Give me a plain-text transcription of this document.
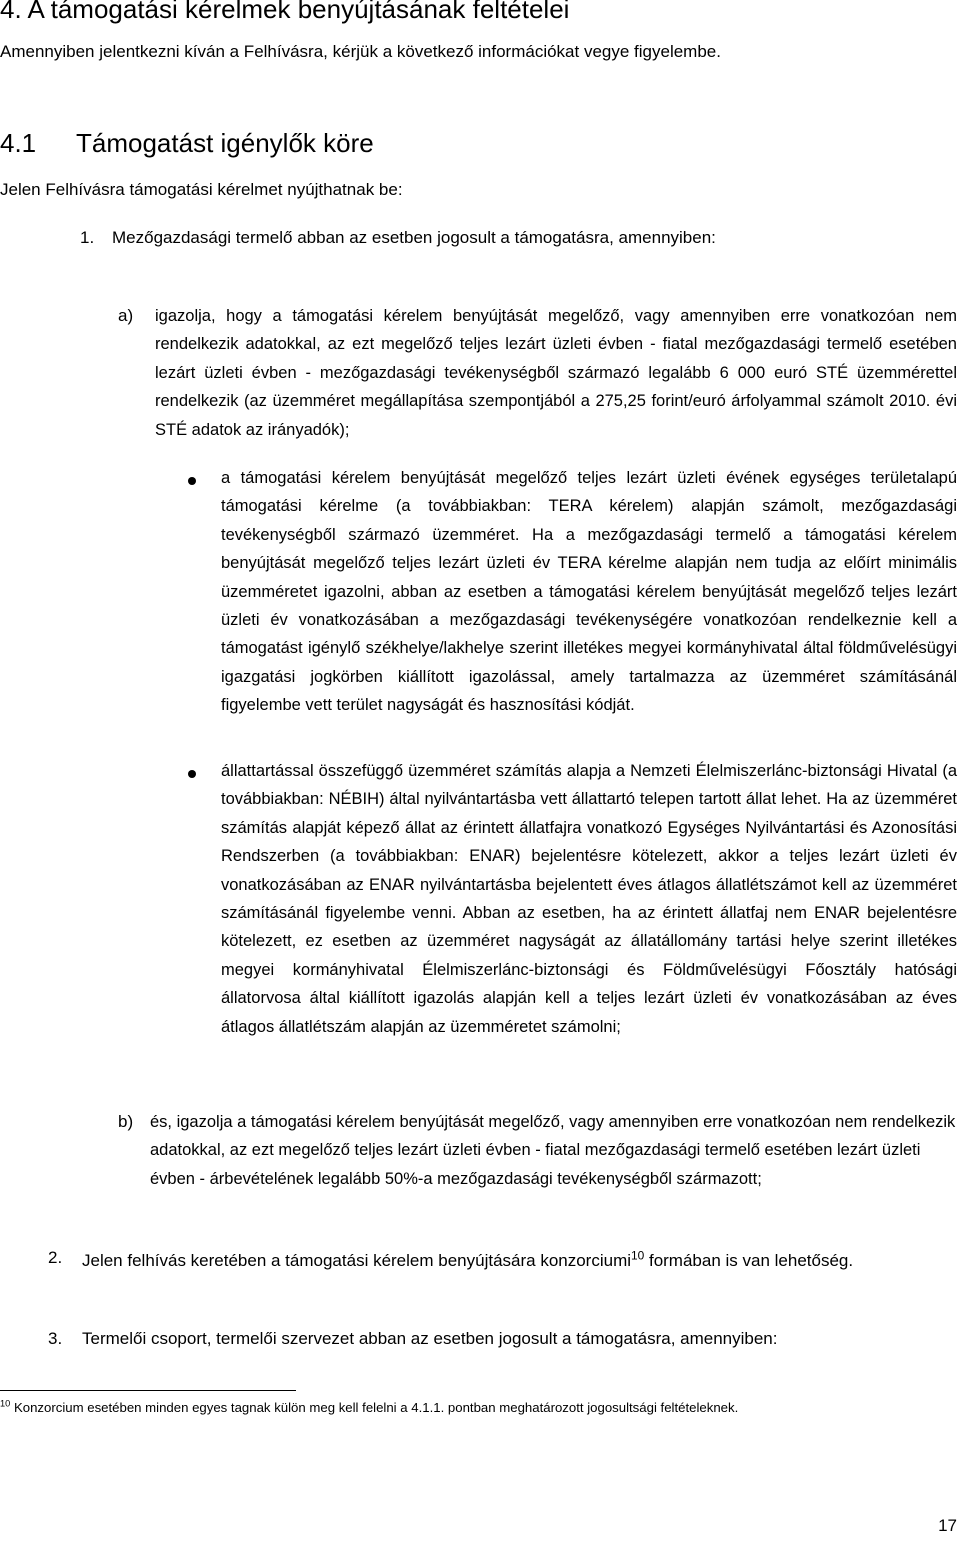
4. A támogatási kérelmek benyújtásának feltételei
Amennyiben jelentkezni kíván a Felhívásra, kérjük a következő információkat vegye figyelembe.
4.1 Támogatást igénylők köre
Jelen Felhívásra támogatási kérelmet nyújthatnak be:
1. Mezőgazdasági termelő abban az esetben jogosult a támogatásra, amennyiben:
a) igazolja, hogy a támogatási kérelem benyújtását megelőző, vagy amennyiben erre vonatkozóan nem rendelkezik adatokkal, az ezt megelőző teljes lezárt üzleti évben - fiatal mezőgazdasági termelő esetében lezárt üzleti évben - mezőgazdasági tevékenységből származó legalább 6 000 euró STÉ üzemmérettel rendelkezik (az üzemméret megállapítása szempontjából a 275,25 forint/euró árfolyammal számolt 2010. évi STÉ adatok az irányadók);
a támogatási kérelem benyújtását megelőző teljes lezárt üzleti évének egységes területalapú támogatási kérelme (a továbbiakban: TERA kérelem) alapján számolt, mezőgazdasági tevékenységből származó üzemméret. Ha a mezőgazdasági termelő a támogatási kérelem benyújtását megelőző teljes lezárt üzleti év TERA kérelme alapján nem tudja az előírt minimális üzemméretet igazolni, abban az esetben a támogatási kérelem benyújtását megelőző teljes lezárt üzleti év vonatkozásában a mezőgazdasági tevékenységére vonatkozóan rendelkeznie kell a támogatást igénylő székhelye/lakhelye szerint illetékes megyei kormányhivatal által földművelésügyi igazgatási jogkörben kiállított igazolással, amely tartalmazza az üzemméret számításánál figyelembe vett terület nagyságát és hasznosítási kódját.
állattartással összefüggő üzemméret számítás alapja a Nemzeti Élelmiszerlánc-biztonsági Hivatal (a továbbiakban: NÉBIH) által nyilvántartásba vett állattartó telepen tartott állat lehet. Ha az üzemméret számítás alapját képező állat az érintett állatfajra vonatkozó Egységes Nyilvántartási és Azonosítási Rendszerben (a továbbiakban: ENAR) bejelentésre kötelezett, akkor a teljes lezárt üzleti év vonatkozásában az ENAR nyilvántartásba bejelentett éves átlagos állatlétszámot kell az üzemméret számításánál figyelembe venni. Abban az esetben, ha az érintett állatfaj nem ENAR bejelentésre kötelezett, ez esetben az üzemméret nagyságát az állatállomány tartási helye szerint illetékes megyei kormányhivatal Élelmiszerlánc-biztonsági és Földművelésügyi Főosztály hatósági állatorvosa által kiállított igazolás alapján kell a teljes lezárt üzleti év vonatkozásában az éves átlagos állatlétszám alapján az üzemméretet számolni;
b) és, igazolja a támogatási kérelem benyújtását megelőző, vagy amennyiben erre vonatkozóan nem rendelkezik adatokkal, az ezt megelőző teljes lezárt üzleti évben - fiatal mezőgazdasági termelő esetében lezárt üzleti évben - árbevételének legalább 50%-a mezőgazdasági tevékenységből származott;
2. Jelen felhívás keretében a támogatási kérelem benyújtására konzorciumi$^{10}$ formában is van lehetőség.
3. Termelői csoport, termelői szervezet abban az esetben jogosult a támogatásra, amennyiben:
$^{10}$ Konzorcium esetében minden egyes tagnak külön meg kell felelni a 4.1.1. pontban meghatározott jogosultsági feltételeknek.
17
